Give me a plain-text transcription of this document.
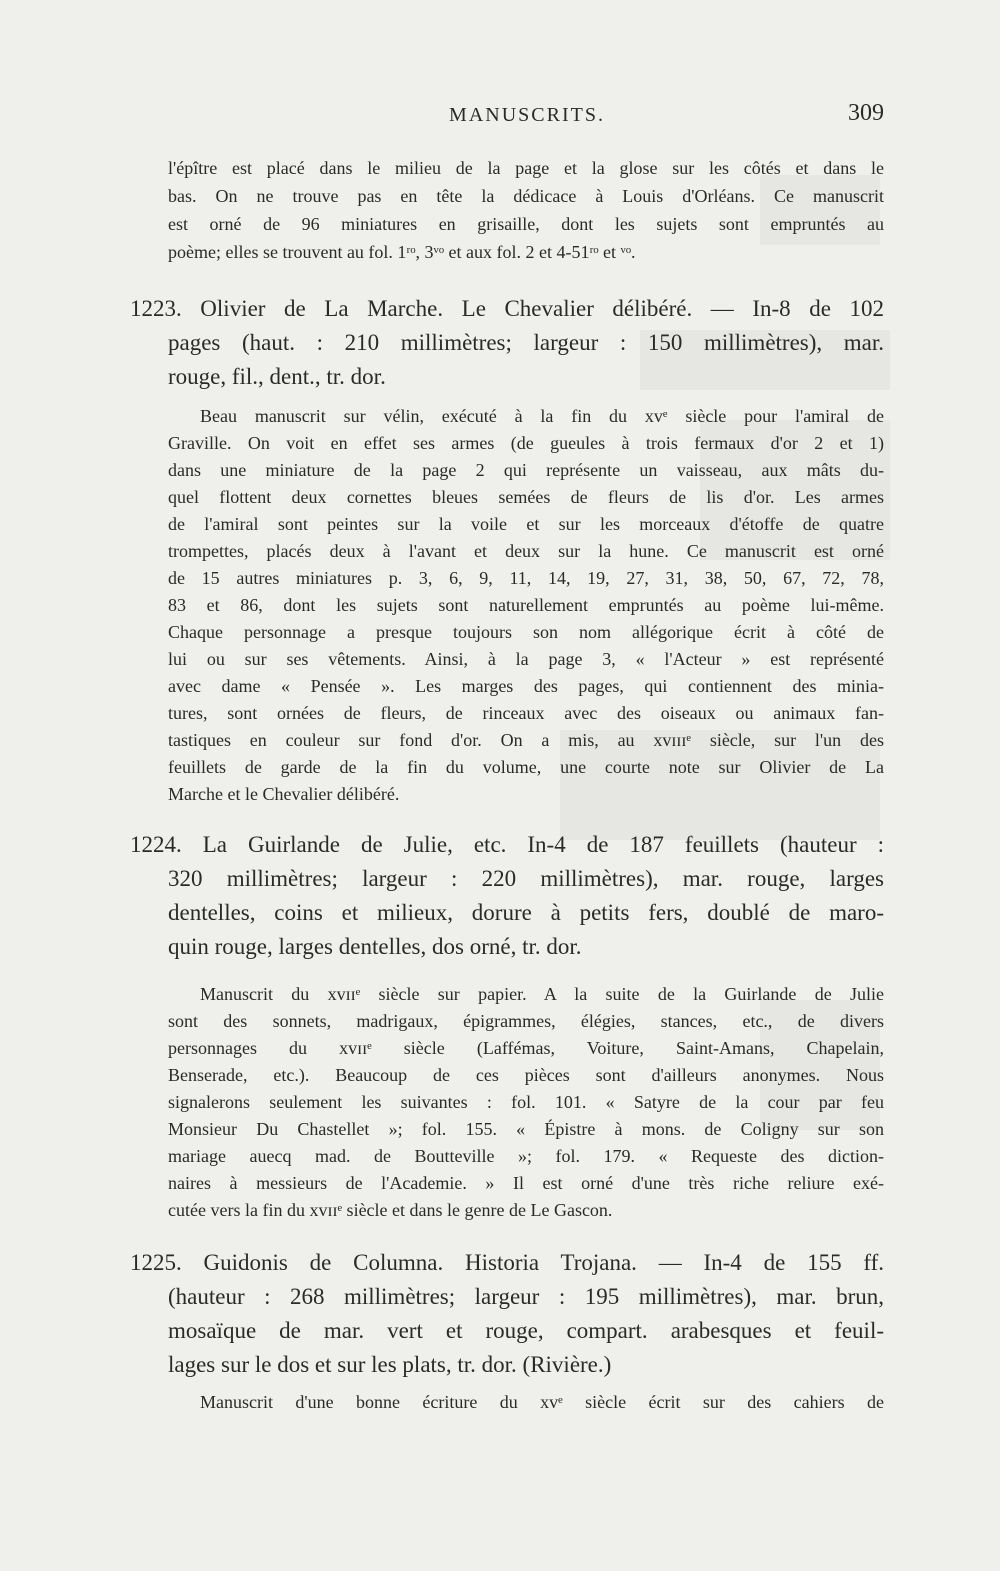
MANUSCRITS.	309
l'épître est placé dans le milieu de la page et la glose sur les côtés et dans le
bas. On ne trouve pas en tête la dédicace à Louis d'Orléans. Ce manuscrit
est orné de 96 miniatures en grisaille, dont les sujets sont empruntés au
poème; elles se trouvent au fol. 1ʳᵒ, 3ᵛᵒ et aux fol. 2 et 4-51ʳᵒ et ᵛᵒ.
1223. Olivier de La Marche. Le Chevalier délibéré. — In-8 de 102
pages (haut. : 210 millimètres; largeur : 150 millimètres), mar.
rouge, fil., dent., tr. dor.
Beau manuscrit sur vélin, exécuté à la fin du xvᵉ siècle pour l'amiral de
Graville. On voit en effet ses armes (de gueules à trois fermaux d'or 2 et 1)
dans une miniature de la page 2 qui représente un vaisseau, aux mâts du-
quel flottent deux cornettes bleues semées de fleurs de lis d'or. Les armes
de l'amiral sont peintes sur la voile et sur les morceaux d'étoffe de quatre
trompettes, placés deux à l'avant et deux sur la hune. Ce manuscrit est orné
de 15 autres miniatures p. 3, 6, 9, 11, 14, 19, 27, 31, 38, 50, 67, 72, 78,
83 et 86, dont les sujets sont naturellement empruntés au poème lui-même.
Chaque personnage a presque toujours son nom allégorique écrit à côté de
lui ou sur ses vêtements. Ainsi, à la page 3, « l'Acteur » est représenté
avec dame « Pensée ». Les marges des pages, qui contiennent des minia-
tures, sont ornées de fleurs, de rinceaux avec des oiseaux ou animaux fan-
tastiques en couleur sur fond d'or. On a mis, au xvɪɪɪᵉ siècle, sur l'un des
feuillets de garde de la fin du volume, une courte note sur Olivier de La
Marche et le Chevalier délibéré.
1224. La Guirlande de Julie, etc. In-4 de 187 feuillets (hauteur :
320 millimètres; largeur : 220 millimètres), mar. rouge, larges
dentelles, coins et milieux, dorure à petits fers, doublé de maro-
quin rouge, larges dentelles, dos orné, tr. dor.
Manuscrit du xvɪɪᵉ siècle sur papier. A la suite de la Guirlande de Julie
sont des sonnets, madrigaux, épigrammes, élégies, stances, etc., de divers
personnages du xvɪɪᵉ siècle (Laffémas, Voiture, Saint-Amans, Chapelain,
Benserade, etc.). Beaucoup de ces pièces sont d'ailleurs anonymes. Nous
signalerons seulement les suivantes : fol. 101. « Satyre de la cour par feu
Monsieur Du Chastellet »; fol. 155. « Épistre à mons. de Coligny sur son
mariage auecq mad. de Boutteville »; fol. 179. « Requeste des diction-
naires à messieurs de l'Academie. » Il est orné d'une très riche reliure exé-
cutée vers la fin du xvɪɪᵉ siècle et dans le genre de Le Gascon.
1225. Guidonis de Columna. Historia Trojana. — In-4 de 155 ff.
(hauteur : 268 millimètres; largeur : 195 millimètres), mar. brun,
mosaïque de mar. vert et rouge, compart. arabesques et feuil-
lages sur le dos et sur les plats, tr. dor. (Rivière.)
Manuscrit d'une bonne écriture du xvᵉ siècle écrit sur des cahiers de
